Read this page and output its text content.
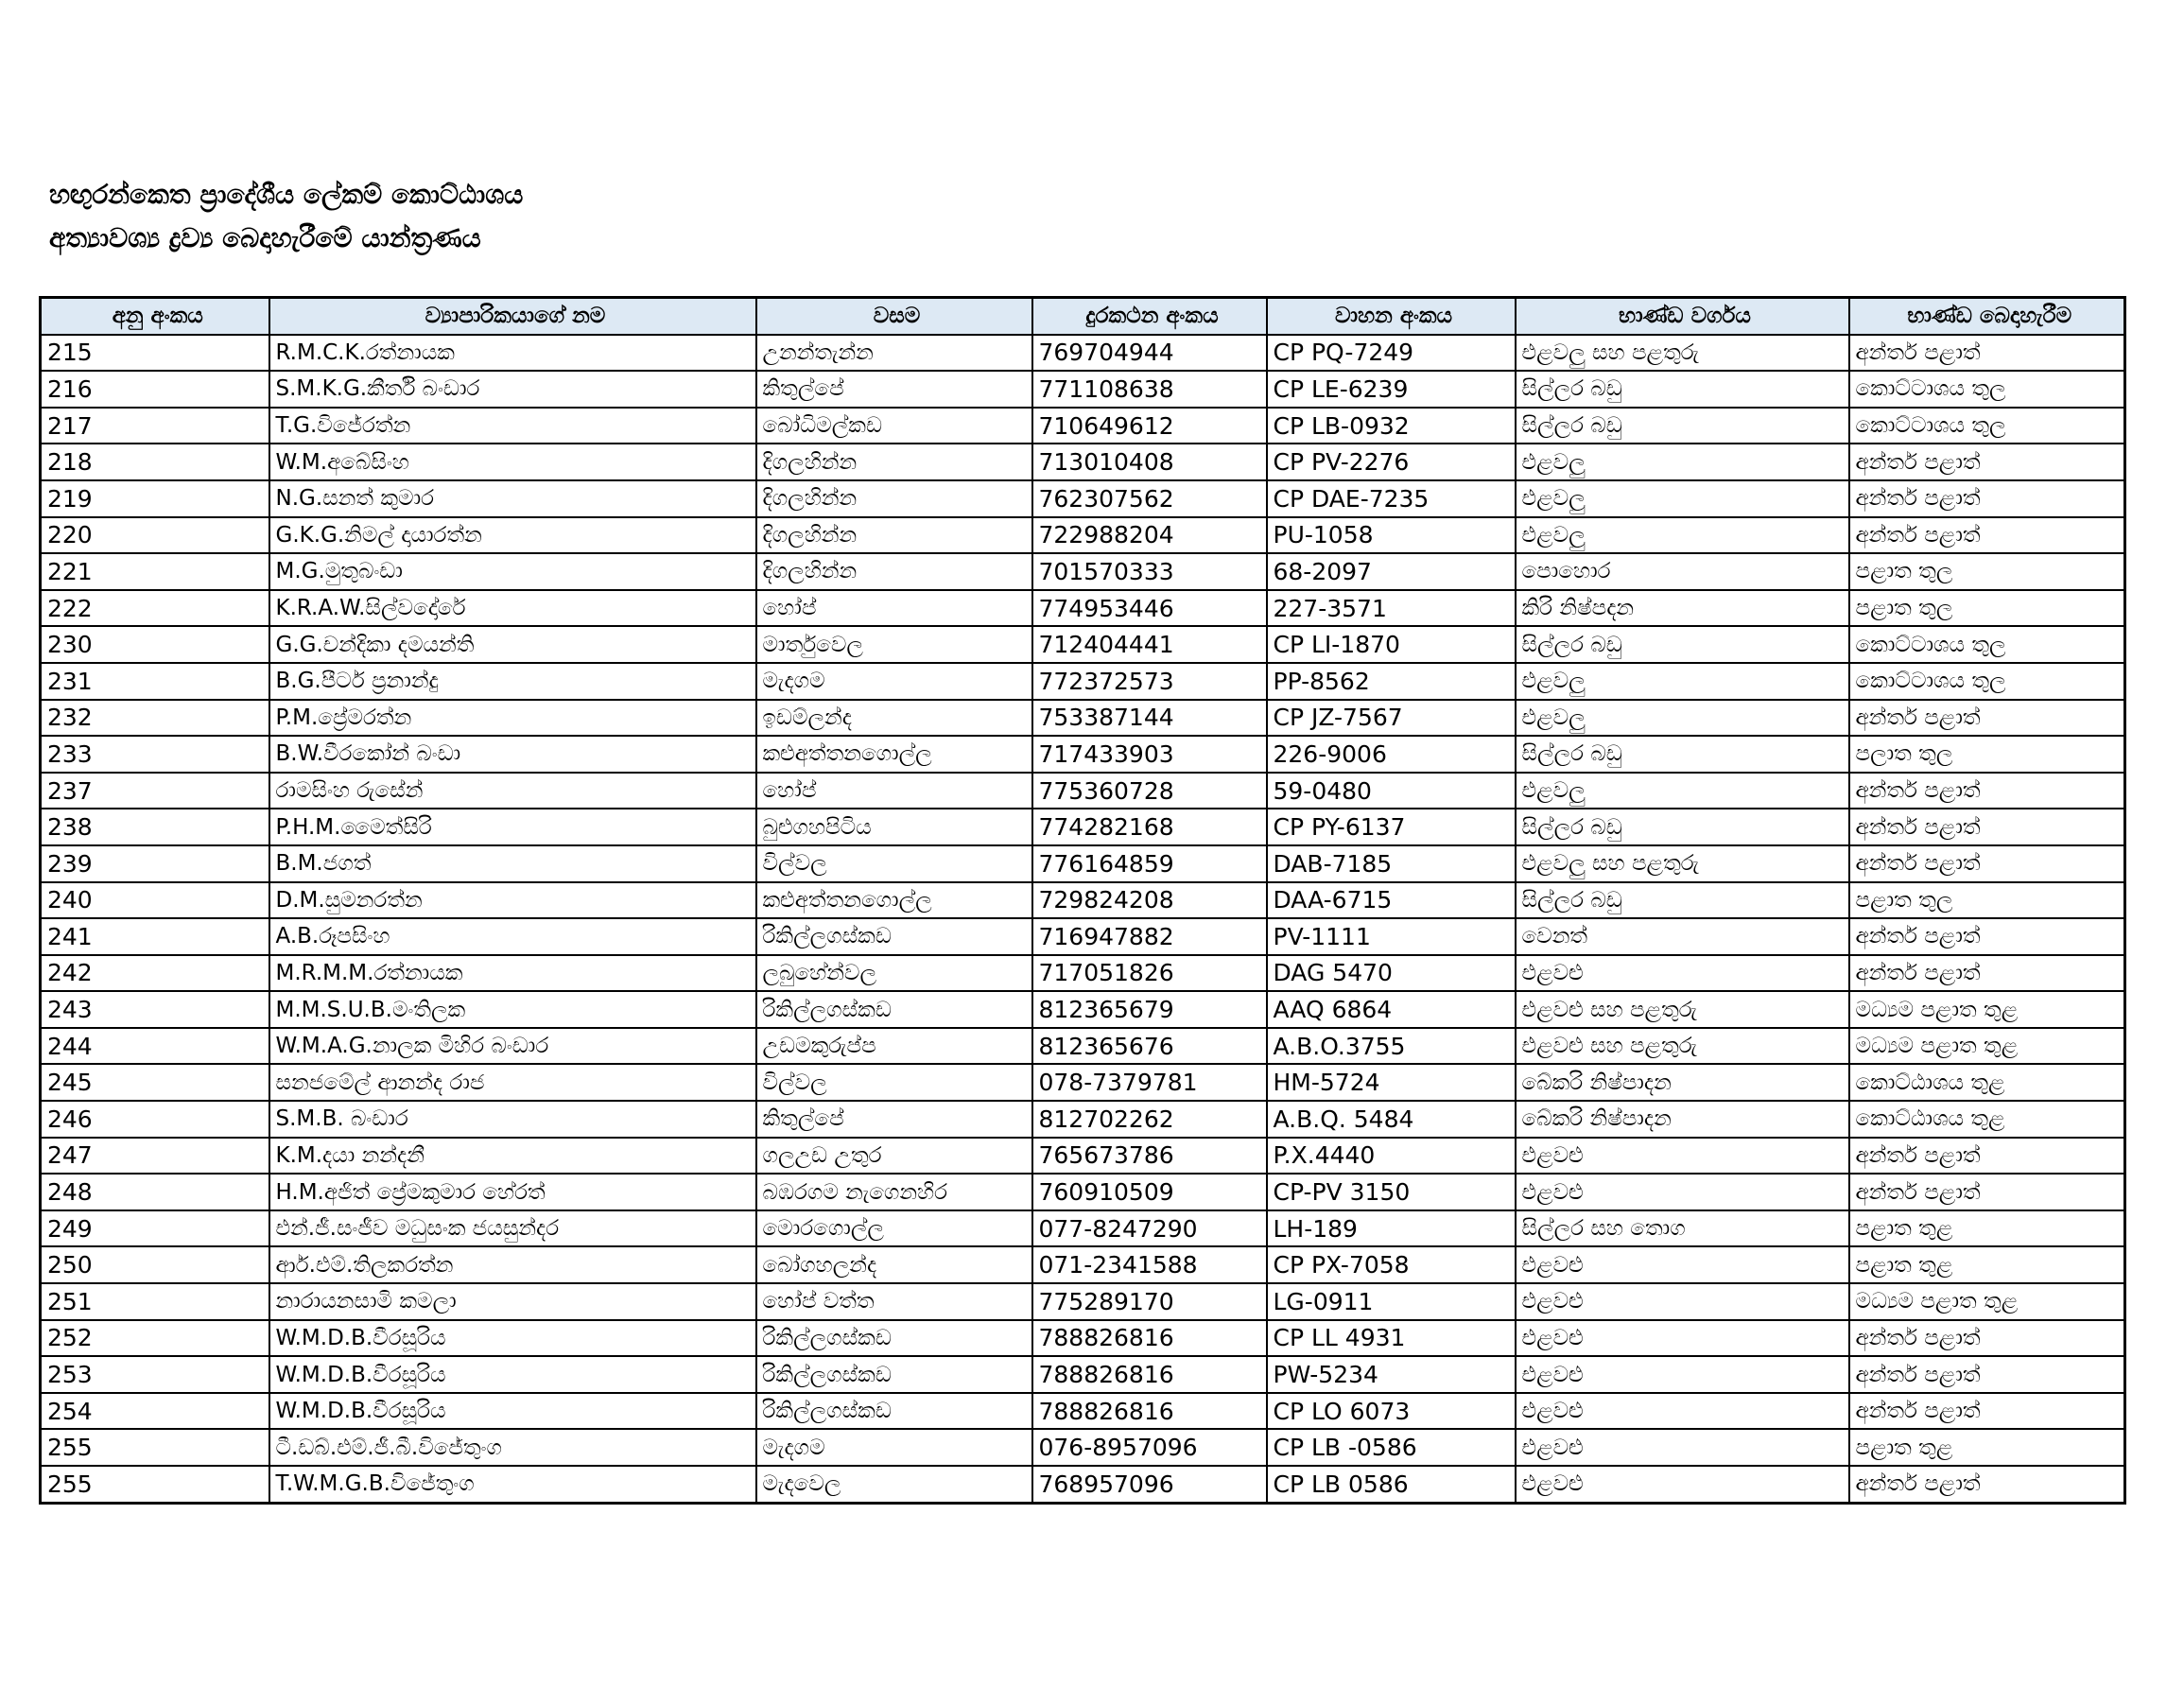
හඟුරන්කෙත ප්‍රාදේශීය ලේකම් කොට්ඨාශය
අත්‍යාවශ්‍ය ද්‍රව්‍ය බෙදාහැරීමේ යාන්ත්‍රණය
අනු අංකය	ව්‍යාපාරිකයාගේ නම	වසම	දුරකථන අංකය	වාහන අංකය	භාණ්ඩ වර්ගය	භාණ්ඩ බෙදාහැරීම
215	R.M.C.K.රත්නායක	උනන්තැන්න	769704944	CP PQ-7249	එළවලු සහ පළතුරු	අන්තර් පළාත්
216	S.M.K.G.කීර්ති බංඩාර	කිතුල්පේ	771108638	CP LE-6239	සිල්ලර බඩු	කොට්ටාශය තුල
217	T.G.විජේරත්න	බෝධිමල්කඩ	710649612	CP LB-0932	සිල්ලර බඩු	කොට්ටාශය තුල
218	W.M.අබේසිංහ	දිගලහින්න	713010408	CP PV-2276	එළවලු	අන්තර් පළාත්
219	N.G.සනත් කුමාර	දිගලහින්න	762307562	CP DAE-7235	එළවලු	අන්තර් පළාත්
220	G.K.G.නිමල් දායාරත්න	දිගලහින්න	722988204	PU-1058	එළවලු	අන්තර් පළාත්
221	M.G.මුතුබංඩා	දිගලහින්න	701570333	68-2097	පොහොර	පළාත තුල
222	K.R.A.W.සිල්වදෝරේ	හෝප්	774953446	227-3571	කිරි නිෂ්පදන	පළාත තුල
230	G.G.චන්දිකා දමයන්ති	මාර්තුවෙල	712404441	CP LI-1870	සිල්ලර බඩු	කොට්ටාශය තුල
231	B.G.පීටර් ප්‍රනාන්දු	මැදගම	772372573	PP-8562	එළවලු	කොට්ටාශය තුල
232	P.M.ප්‍රේමරත්න	ඉඩම්ලන්ද	753387144	CP JZ-7567	එළවලු	අන්තර් පළාත්
233	B.W.වීරකෝන් බංඩා	කළුඅත්තනගොල්ල	717433903	226-9006	සිල්ලර බඩු	පලාත තුල
237	රාමසිංහ රුසේන්	හෝප්	775360728	59-0480	එළවලු	අන්තර් පළාත්
238	P.H.M.මෛත්සිරි	බුළුගහපිටිය	774282168	CP PY-6137	සිල්ලර බඩු	අන්තර් පළාත්
239	B.M.ජගත්	විල්වල	776164859	DAB-7185	එළවලු සහ පළතුරු	අන්තර් පළාත්
240	D.M.සුමනරත්න	කළුඅත්තනගොල්ල	729824208	DAA-6715	සිල්ලර බඩු	පළාත තුල
241	A.B.රූපසිංහ	රිකිල්ලගස්කඩ	716947882	PV-1111	වෙනත්	අන්තර් පළාත්
242	M.R.M.M.රත්නායක	ලබුහේන්වල	717051826	DAG 5470	එළවළු	අන්තර් පළාත්
243	M.M.S.U.B.මංතිලක	රිකිල්ලගස්කඩ	812365679	AAQ 6864	එළවළු සහ පළතුරු	මධ්‍යම පළාත තුළ
244	W.M.A.G.නාලක මිහිර බංඩාර	උඩමකුරුප්ප	812365676	A.B.O.3755	එළවළු සහ පළතුරු	මධ්‍යම පළාත තුළ
245	සනජමේල් ආනන්ද රාජ	විල්වල	078-7379781	HM-5724	බේකරි නිෂ්පාදන	කොට්ඨාශය තුළ
246	S.M.B. බංඩාර	කිතුල්පේ	812702262	A.B.Q. 5484	බේකරි නිෂ්පාදන	කොට්ඨාශය තුළ
247	K.M.දයා නන්දනී	ගලඋඩ උතුර	765673786	P.X.4440	එළවළු	අන්තර් පළාත්
248	H.M.අජිත් ප්‍රේමකුමාර හේරත්	බඹරගම නැගෙනහිර	760910509	CP-PV 3150	එළවළු	අන්තර් පළාත්
249	එන්.ජී.සංජීව මධුසංක ජයසුන්දර	මොරගොල්ල	077-8247290	LH-189	සිල්ලර සහ තොග	පළාත තුළ
250	ආර්.එම්.තිලකරත්න	බෝගහලන්ද	071-2341588	CP PX-7058	එළවළු	පළාත තුළ
251	නාරායනසාමි කමලා	හෝප් වත්ත	775289170	LG-0911	එළවළු	මධ්‍යම පළාත තුළ
252	W.M.D.B.වීරසූරිය	රිකිල්ලගස්කඩ	788826816	CP LL 4931	එළවළු	අන්තර් පළාත්
253	W.M.D.B.වීරසූරිය	රිකිල්ලගස්කඩ	788826816	PW-5234	එළවළු	අන්තර් පළාත්
254	W.M.D.B.වීරසූරිය	රිකිල්ලගස්කඩ	788826816	CP LO 6073	එළවළු	අන්තර් පළාත්
255	ටී.ඩබ්.එම්.ජී.බී.විජේතුංග	මැදගම	076-8957096	CP LB -0586	එළවළු	පළාත තුළ
255	T.W.M.G.B.විජේතුංග	මැදවෙල	768957096	CP LB 0586	එළවළු	අන්තර් පළාත්
